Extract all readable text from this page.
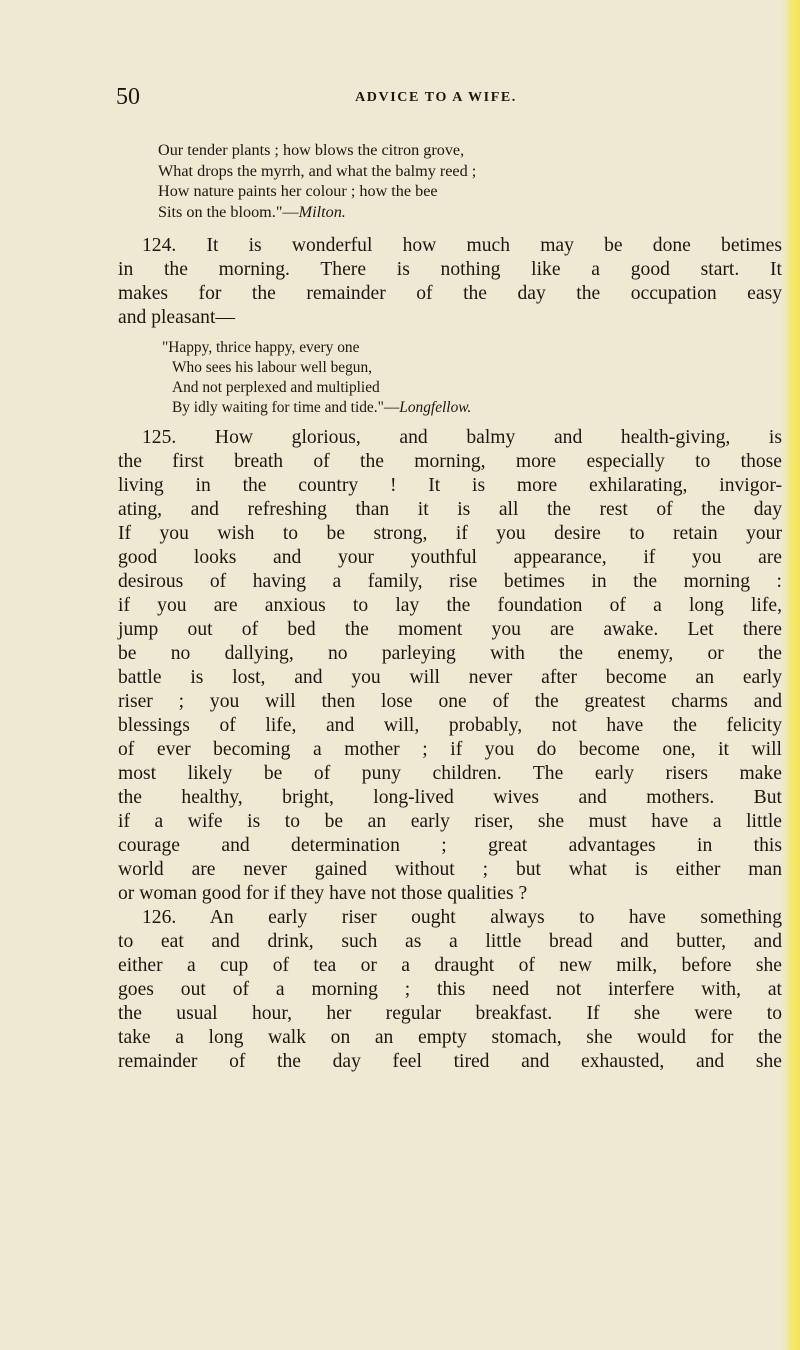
50	ADVICE TO A WIFE.
Our tender plants ; how blows the citron grove,
What drops the myrrh, and what the balmy reed ;
How nature paints her colour ; how the bee
Sits on the bloom."—Milton.
124. It is wonderful how much may be done betimes
in the morning. There is nothing like a good start. It
makes for the remainder of the day the occupation easy
and pleasant—
"Happy, thrice happy, every one
Who sees his labour well begun,
And not perplexed and multiplied
By idly waiting for time and tide."—Longfellow.
125. How glorious, and balmy and health-giving, is
the first breath of the morning, more especially to those
living in the country ! It is more exhilarating, invigor-
ating, and refreshing than it is all the rest of the day
If you wish to be strong, if you desire to retain your
good looks and your youthful appearance, if you are
desirous of having a family, rise betimes in the morning :
if you are anxious to lay the foundation of a long life,
jump out of bed the moment you are awake. Let there
be no dallying, no parleying with the enemy, or the
battle is lost, and you will never after become an early
riser ; you will then lose one of the greatest charms and
blessings of life, and will, probably, not have the felicity
of ever becoming a mother ; if you do become one, it will
most likely be of puny children. The early risers make
the healthy, bright, long-lived wives and mothers. But
if a wife is to be an early riser, she must have a little
courage and determination ; great advantages in this
world are never gained without ; but what is either man
or woman good for if they have not those qualities ?
126. An early riser ought always to have something
to eat and drink, such as a little bread and butter, and
either a cup of tea or a draught of new milk, before she
goes out of a morning ; this need not interfere with, at
the usual hour, her regular breakfast. If she were to
take a long walk on an empty stomach, she would for the
remainder of the day feel tired and exhausted, and she
